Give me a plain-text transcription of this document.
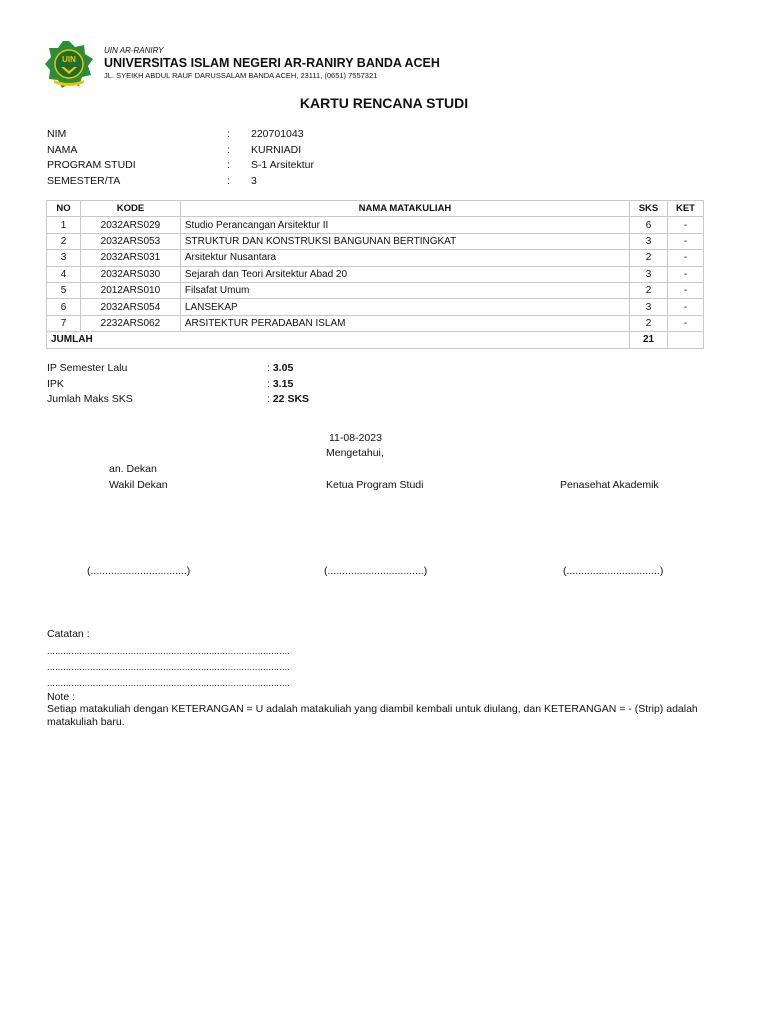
UIN
UIN AR-RANIRY
UNIVERSITAS ISLAM NEGERI AR-RANIRY BANDA ACEH
JL. SYEIKH ABDUL RAUF DARUSSALAM BANDA ACEH, 23111, (0651) 7557321
KARTU RENCANA STUDI
NIM	: 220701043
NAMA	: KURNIADI
PROGRAM STUDI	: S-1 Arsitektur
SEMESTER/TA	: 3
NO	KODE	NAMA MATAKULIAH	SKS	KET
1	2032ARS029	Studio Perancangan Arsitektur II	6	-
2	2032ARS053	STRUKTUR DAN KONSTRUKSI BANGUNAN BERTINGKAT	3	-
3	2032ARS031	Arsitektur Nusantara	2	-
4	2032ARS030	Sejarah dan Teori Arsitektur Abad 20	3	-
5	2012ARS010	Filsafat Umum	2	-
6	2032ARS054	LANSEKAP	3	-
7	2232ARS062	ARSITEKTUR PERADABAN ISLAM	2	-
JUMLAH			21	
IP Semester Lalu	: 3.05
IPK	: 3.15
Jumlah Maks SKS	: 22 SKS
11-08-2023
Mengetahui,
an. Dekan
Wakil Dekan	Ketua Program Studi	Penasehat Akademik
(.................................)	(.................................)	(................................)
Catatan :
..........................................................................................
..........................................................................................
..........................................................................................
Note :
Setiap matakuliah dengan KETERANGAN = U adalah matakuliah yang diambil kembali untuk diulang, dan KETERANGAN = - (Strip) adalah matakuliah baru.
